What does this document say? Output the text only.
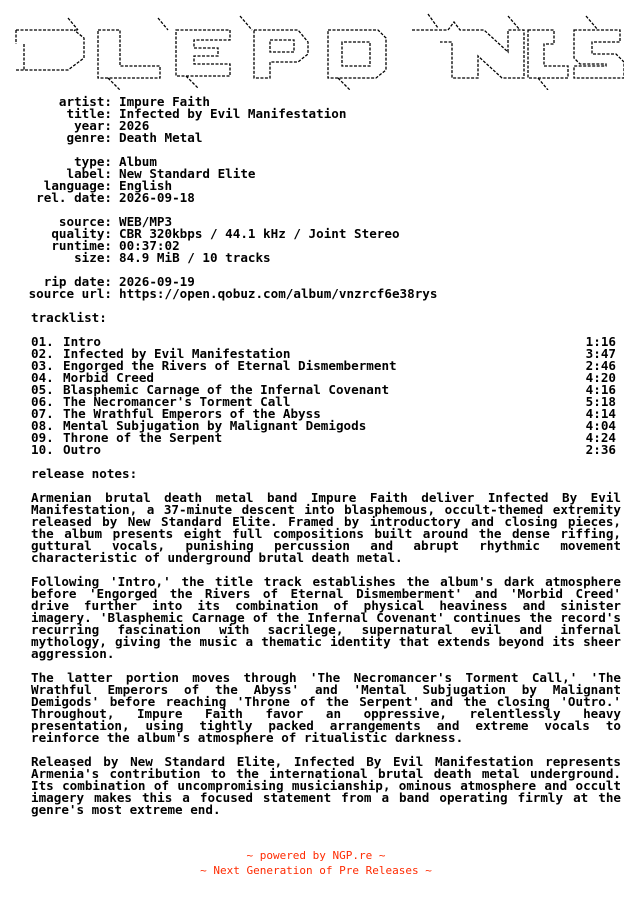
artist: Impure Faith
title: Infected by Evil Manifestation
year: 2026
genre: Death Metal
type: Album
label: New Standard Elite
language: English
rel. date: 2026-09-18
source: WEB/MP3
quality: CBR 320kbps / 44.1 kHz / Joint Stereo
runtime: 00:37:02
size: 84.9 MiB / 10 tracks
rip date: 2026-09-19
source url: https://open.qobuz.com/album/vnzrcf6e38rys
tracklist:
01. Intro	1:16
02. Infected by Evil Manifestation	3:47
03. Engorged the Rivers of Eternal Dismemberment	2:46
04. Morbid Creed	4:20
05. Blasphemic Carnage of the Infernal Covenant	4:16
06. The Necromancer's Torment Call	5:18
07. The Wrathful Emperors of the Abyss	4:14
08. Mental Subjugation by Malignant Demigods	4:04
09. Throne of the Serpent	4:24
10. Outro	2:36
release notes:
Armenian brutal death metal band Impure Faith deliver Infected By Evil Manifestation, a 37-minute descent into blasphemous, occult-themed extremity released by New Standard Elite. Framed by introductory and closing pieces, the album presents eight full compositions built around the dense riffing, guttural vocals, punishing percussion and abrupt rhythmic movement characteristic of underground brutal death metal.
Following 'Intro,' the title track establishes the album's dark atmosphere before 'Engorged the Rivers of Eternal Dismemberment' and 'Morbid Creed' drive further into its combination of physical heaviness and sinister imagery. 'Blasphemic Carnage of the Infernal Covenant' continues the record's recurring fascination with sacrilege, supernatural evil and infernal mythology, giving the music a thematic identity that extends beyond its sheer aggression.
The latter portion moves through 'The Necromancer's Torment Call,' 'The Wrathful Emperors of the Abyss' and 'Mental Subjugation by Malignant Demigods' before reaching 'Throne of the Serpent' and the closing 'Outro.' Throughout, Impure Faith favor an oppressive, relentlessly heavy presentation, using tightly packed arrangements and extreme vocals to reinforce the album's atmosphere of ritualistic darkness.
Released by New Standard Elite, Infected By Evil Manifestation represents Armenia's contribution to the international brutal death metal underground. Its combination of uncompromising musicianship, ominous atmosphere and occult imagery makes this a focused statement from a band operating firmly at the genre's most extreme end.
~ powered by NGP.re ~
~ Next Generation of Pre Releases ~
